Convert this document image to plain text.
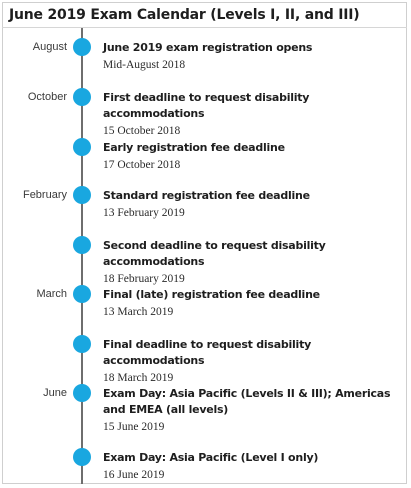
June 2019 Exam Calendar (Levels I, II, and III)
August	June 2019 exam registration opens
Mid-August 2018
October	First deadline to request disability accommodations
15 October 2018
Early registration fee deadline
17 October 2018
February	Standard registration fee deadline
13 February 2019
Second deadline to request disability accommodations
18 February 2019
March	Final (late) registration fee deadline
13 March 2019
Final deadline to request disability accommodations
18 March 2019
June	Exam Day: Asia Pacific (Levels II & III); Americas and EMEA (all levels)
15 June 2019
Exam Day: Asia Pacific (Level I only)
16 June 2019
